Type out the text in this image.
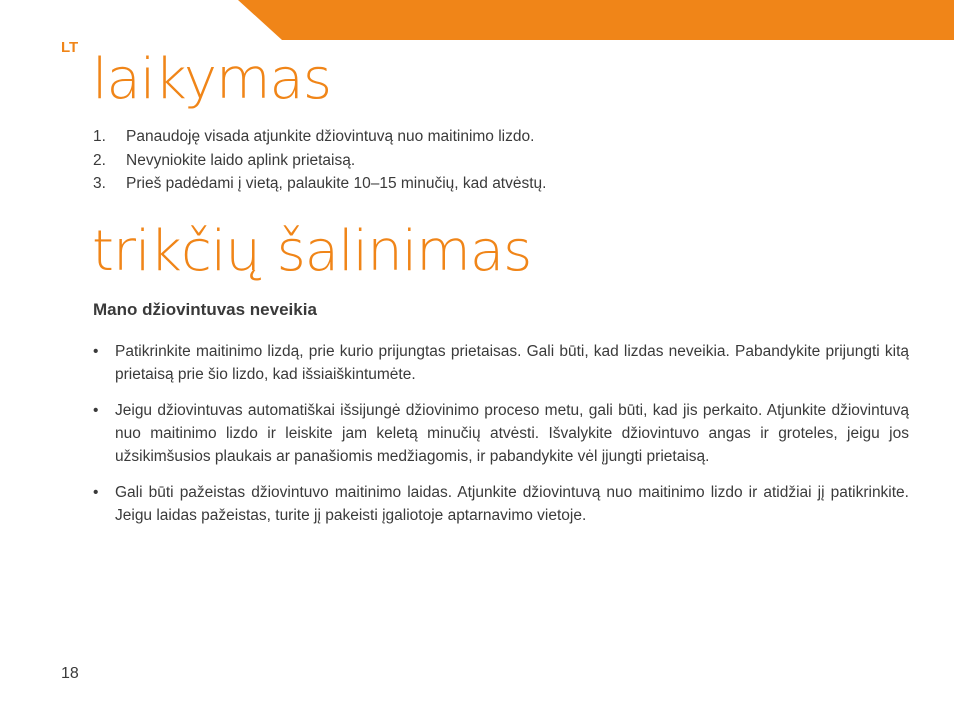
LT laikymas
1.	Panaudoję visada atjunkite džiovintuvą nuo maitinimo lizdo.
2.	Nevyniokite laido aplink prietaisą.
3.	Prieš padėdami į vietą, palaukite 10–15 minučių, kad atvėstų.
trikčių šalinimas
Mano džiovintuvas neveikia
•	Patikrinkite maitinimo lizdą, prie kurio prijungtas prietaisas. Gali būti, kad lizdas neveikia. Pabandykite prijungti kitą prietaisą prie šio lizdo, kad išsiaiškintumėte.
•	Jeigu džiovintuvas automatiškai išsijungė džiovinimo proceso metu, gali būti, kad jis perkaito. Atjunkite džiovintuvą nuo maitinimo lizdo ir leiskite jam keletą minučių atvėsti. Išvalykite džiovintuvo angas ir groteles, jeigu jos užsikimšusios plaukais ar panašiomis medžiagomis, ir pabandykite vėl įjungti prietaisą.
•	Gali būti pažeistas džiovintuvo maitinimo laidas. Atjunkite džiovintuvą nuo maitinimo lizdo ir atidžiai jį patikrinkite. Jeigu laidas pažeistas, turite jį pakeisti įgaliotoje aptarnavimo vietoje.
18
